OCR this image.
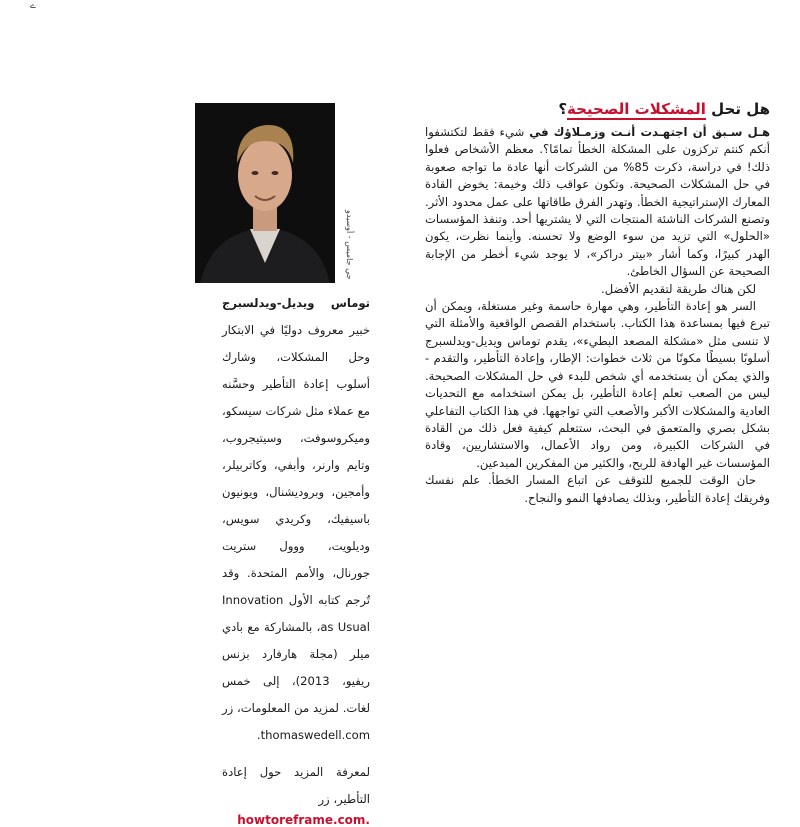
ے
جي جاميس - أوسيدو
هل تحل المشكلات الصحيحة؟

هـل سـبق أن اجتهـدت أنـت وزمـلاؤك في شيء فقط لتكتشفوا أنكم كنتم تركزون على المشكلة الخطأ تمامًا؟. معظم الأشخاص فعلوا ذلك! في دراسة، ذكرت 85% من الشركات أنها عادة ما تواجه صعوبة في حل المشكلات الصحيحة. وتكون عواقب ذلك وخيمة: يخوض القادة المعارك الإستراتيجية الخطأ. وتهدر الفرق طاقاتها على عمل محدود الأثر. وتصنع الشركات الناشئة المنتجات التي لا يشتريها أحد. وتنفذ المؤسسات «الحلول» التي تزيد من سوء الوضع ولا تحسنه. وأينما نظرت، يكون الهدر كبيرًا، وكما أشار «بيتر دراكر»، لا يوجد شيء أخطر من الإجابة الصحيحة عن السؤال الخاطئ.

لكن هناك طريقة لتقديم الأفضل.

السر هو إعادة التأطير، وهي مهارة حاسمة وغير مستغلة، ويمكن أن تبرع فيها بمساعدة هذا الكتاب. باستخدام القصص الواقعية والأمثلة التي لا تنسى مثل «مشكلة المصعد البطيء»، يقدم توماس ويديل-ويدلسبرج أسلوبًا بسيطًا مكونًا من ثلاث خطوات: الإطار، وإعادة التأطير، والتقدم - والذي يمكن أن يستخدمه أي شخص للبدء في حل المشكلات الصحيحة. ليس من الصعب تعلم إعادة التأطير، بل يمكن استخدامه مع التحديات العادية والمشكلات الأكبر والأصعب التي تواجهها. في هذا الكتاب التفاعلي بشكل بصري والمتعمق في البحث، ستتعلم كيفية فعل ذلك من القادة في الشركات الكبيرة، ومن رواد الأعمال، والاستشاريين، وقادة المؤسسات غير الهادفة للربح، والكثير من المفكرين المبدعين.

حان الوقت للجميع للتوقف عن اتباع المسار الخطأ. علم نفسك وفريقك إعادة التأطير، وبذلك يصادفها النمو والنجاح.

توماس ويديل-ويدلسبرج خبير معروف دوليًا في الابتكار وحل المشكلات، وشارك أسلوب إعادة التأطير وحسَّنه مع عملاء مثل شركات سيسكو، وميكروسوفت، وسيتيجروب، وتايم وارنر، وأبفي، وكاتربيلر، وأمجين، وبروديشنال، ويونيون باسيفيك، وكريدي سويس، وديلويت، ووول ستريت جورنال، والأمم المتحدة. وقد تُرجم كتابه الأول Innovation as Usual، بالمشاركة مع بادي ميلر (مجلة هارفارد بزنس ريفيو، 2013)، إلى خمس لغات. لمزيد من المعلومات، زر thomaswedell.com.

لمعرفة المزيد حول إعادة التأطير، زر

howtoreframe.com.
